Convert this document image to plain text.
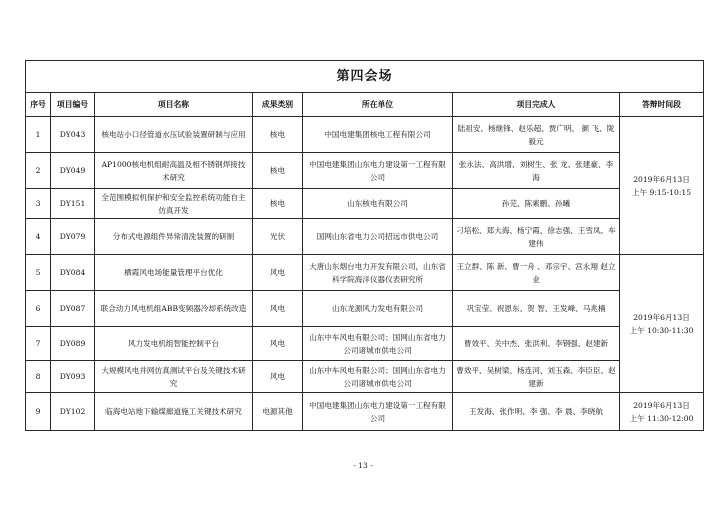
第四会场						
序号	项目编号	项目名称	成果类别	所在单位	项目完成人	答辩时间段
1	DY043	核电站小口径管道水压试验装置研制与应用	核电	中国电建集团核电工程有限公司	陆祖安、杨继锋、赵乐超、贾广明、 颜 飞、陇毅元	2019年6月13日
上午 9:15-10:15

2	DY049	AP1000核电机组耐高温及相不锈钢焊接技术研究	核电	中国电建集团山东电力建设第一工程有限公司	张永法、高洪增、刘树生、张 龙、张建豪、李海	
3	DY151	全范围模拟机保护和安全监控系统功能自主仿真开发	核电	山东核电有限公司	孙芫、陈素鹏、孙曦	
4	DY079	分布式电源组件异常清洗装置的研制	光伏	国网山东省电力公司招远市供电公司	刁培松、郑大海、杨宁霞、徐志强、王雪凤、车建伟	
5	DY084	栖霞风电场能量管理平台优化	风电	大唐山东烟台电力开发有限公司，山东省科学院海洋仪器仪表研究所	王立群、陈 新、曹一舟 、邓宗宇、宫永翔 赵立业	2019年6月13日
上午 10:30-11:30

6	DY087	联合动力风电机组ABB变频器冷却系统改造	风电	山东龙源风力发电有限公司	巩宝莹、祝恩东、贺 智、王发峰、马兆楠	
7	DY089	风力发电机组智能控制平台	风电	山东中车风电有限公司；国网山东省电力公司诸城市供电公司	曹效平、关中杰、张洪利、李钢强、赵建新	
8	DY093	大规模风电并网仿真测试平台及关键技术研究	风电	山东中车风电有限公司；国网山东省电力公司诸城市供电公司	曹效平、吴树梁、杨连河、刘玉森、李臣臣、赵建新	
9	DY102	临海电站地下输煤廊道施工关键技术研究	电源其他	中国电建集团山东电力建设第一工程有限公司	王发海、张作明、李 强、李 晨、李晓航	2019年6月13日
上午 11:30-12:00
- 13 -
